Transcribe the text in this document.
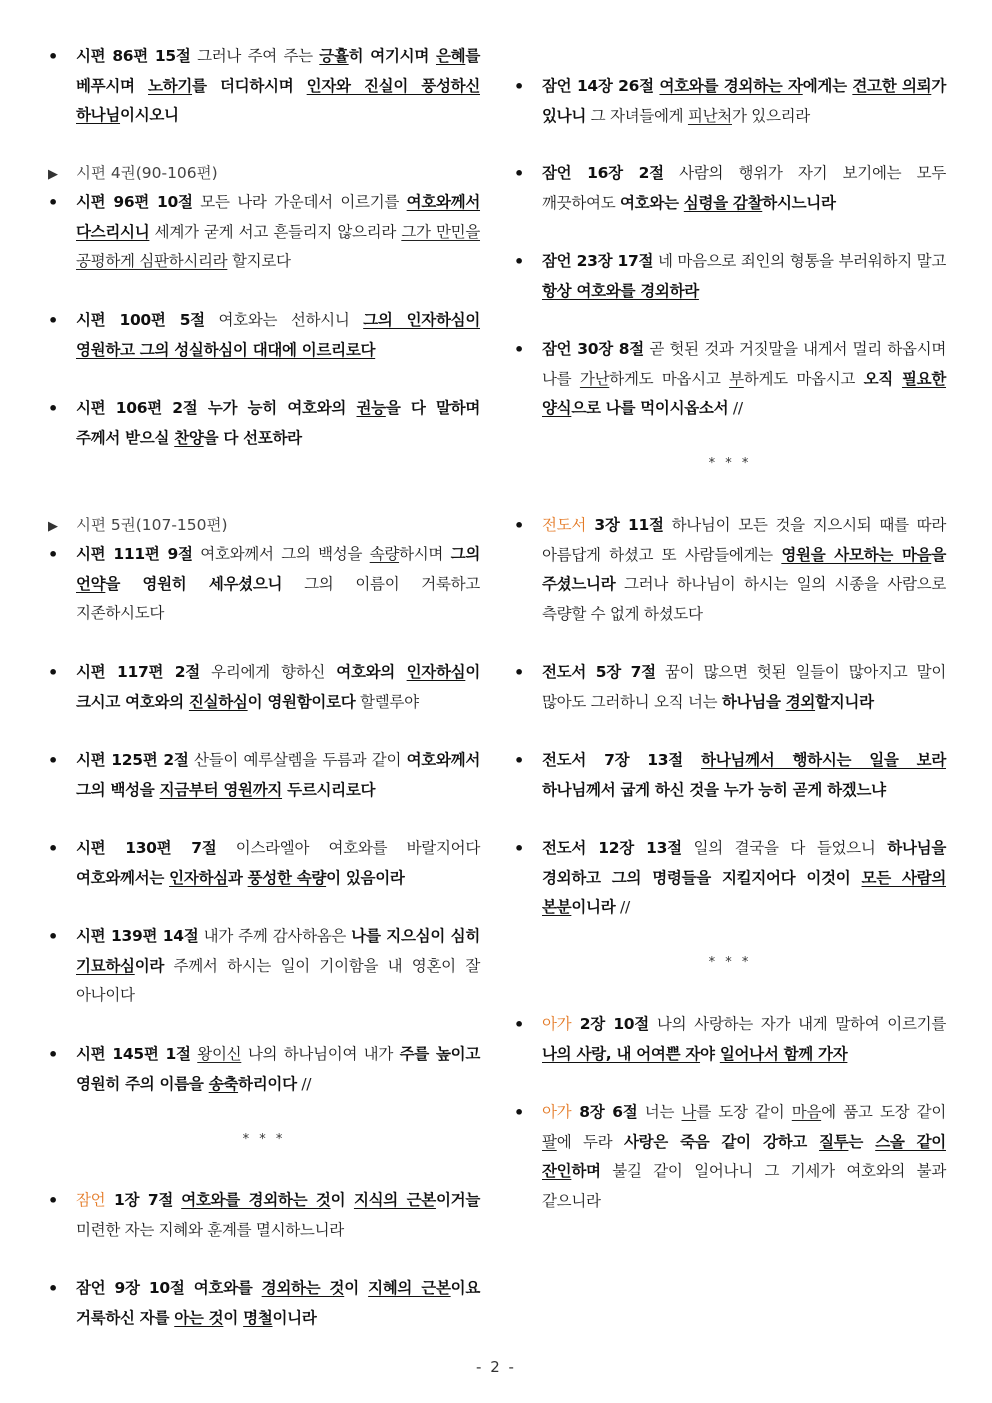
•	시편 86편 15절 그러나 주여 주는 긍휼히 여기시며 은혜를 베푸시며 노하기를 더디하시며 인자와 진실이 풍성하신 하나님이시오니
▶ 시편 4권(90-106편)
•	시편 96편 10절 모든 나라 가운데서 이르기를 여호와께서 다스리시니 세계가 굳게 서고 흔들리지 않으리라 그가 만민을 공평하게 심판하시리라 할지로다
•	시편 100편 5절 여호와는 선하시니 그의 인자하심이 영원하고 그의 성실하심이 대대에 이르리로다
•	시편 106편 2절 누가 능히 여호와의 권능을 다 말하며 주께서 받으실 찬양을 다 선포하라
▶ 시편 5권(107-150편)
•	시편 111편 9절 여호와께서 그의 백성을 속량하시며 그의 언약을 영원히 세우셨으니 그의 이름이 거룩하고 지존하시도다
•	시편 117편 2절 우리에게 향하신 여호와의 인자하심이 크시고 여호와의 진실하심이 영원함이로다 할렐루야
•	시편 125편 2절 산들이 예루살렘을 두름과 같이 여호와께서 그의 백성을 지금부터 영원까지 두르시리로다
•	시편 130편 7절 이스라엘아 여호와를 바랄지어다 여호와께서는 인자하심과 풍성한 속량이 있음이라
•	시편 139편 14절 내가 주께 감사하옴은 나를 지으심이 심히 기묘하심이라 주께서 하시는 일이 기이함을 내 영혼이 잘 아나이다
•	시편 145편 1절 왕이신 나의 하나님이여 내가 주를 높이고 영원히 주의 이름을 송축하리이다 //
* * *
•	잠언 1장 7절 여호와를 경외하는 것이 지식의 근본이거늘 미련한 자는 지혜와 훈계를 멸시하느니라
•	잠언 9장 10절 여호와를 경외하는 것이 지혜의 근본이요 거룩하신 자를 아는 것이 명철이니라
•	잠언 14장 26절 여호와를 경외하는 자에게는 견고한 의뢰가 있나니 그 자녀들에게 피난처가 있으리라
•	잠언 16장 2절 사람의 행위가 자기 보기에는 모두 깨끗하여도 여호와는 심령을 감찰하시느니라
•	잠언 23장 17절 네 마음으로 죄인의 형통을 부러워하지 말고 항상 여호와를 경외하라
•	잠언 30장 8절 곧 헛된 것과 거짓말을 내게서 멀리 하옵시며 나를 가난하게도 마옵시고 부하게도 마옵시고 오직 필요한 양식으로 나를 먹이시옵소서 //
* * *
•	전도서 3장 11절 하나님이 모든 것을 지으시되 때를 따라 아름답게 하셨고 또 사람들에게는 영원을 사모하는 마음을 주셨느니라 그러나 하나님이 하시는 일의 시종을 사람으로 측량할 수 없게 하셨도다
•	전도서 5장 7절 꿈이 많으면 헛된 일들이 많아지고 말이 많아도 그러하니 오직 너는 하나님을 경외할지니라
•	전도서 7장 13절 하나님께서 행하시는 일을 보라 하나님께서 굽게 하신 것을 누가 능히 곧게 하겠느냐
•	전도서 12장 13절 일의 결국을 다 들었으니 하나님을 경외하고 그의 명령들을 지킬지어다 이것이 모든 사람의 본분이니라 //
* * *
•	아가 2장 10절 나의 사랑하는 자가 내게 말하여 이르기를 나의 사랑, 내 어여쁜 자야 일어나서 함께 가자
•	아가 8장 6절 너는 나를 도장 같이 마음에 품고 도장 같이 팔에 두라 사랑은 죽음 같이 강하고 질투는 스올 같이 잔인하며 불길 같이 일어나니 그 기세가 여호와의 불과 같으니라
- 2 -
